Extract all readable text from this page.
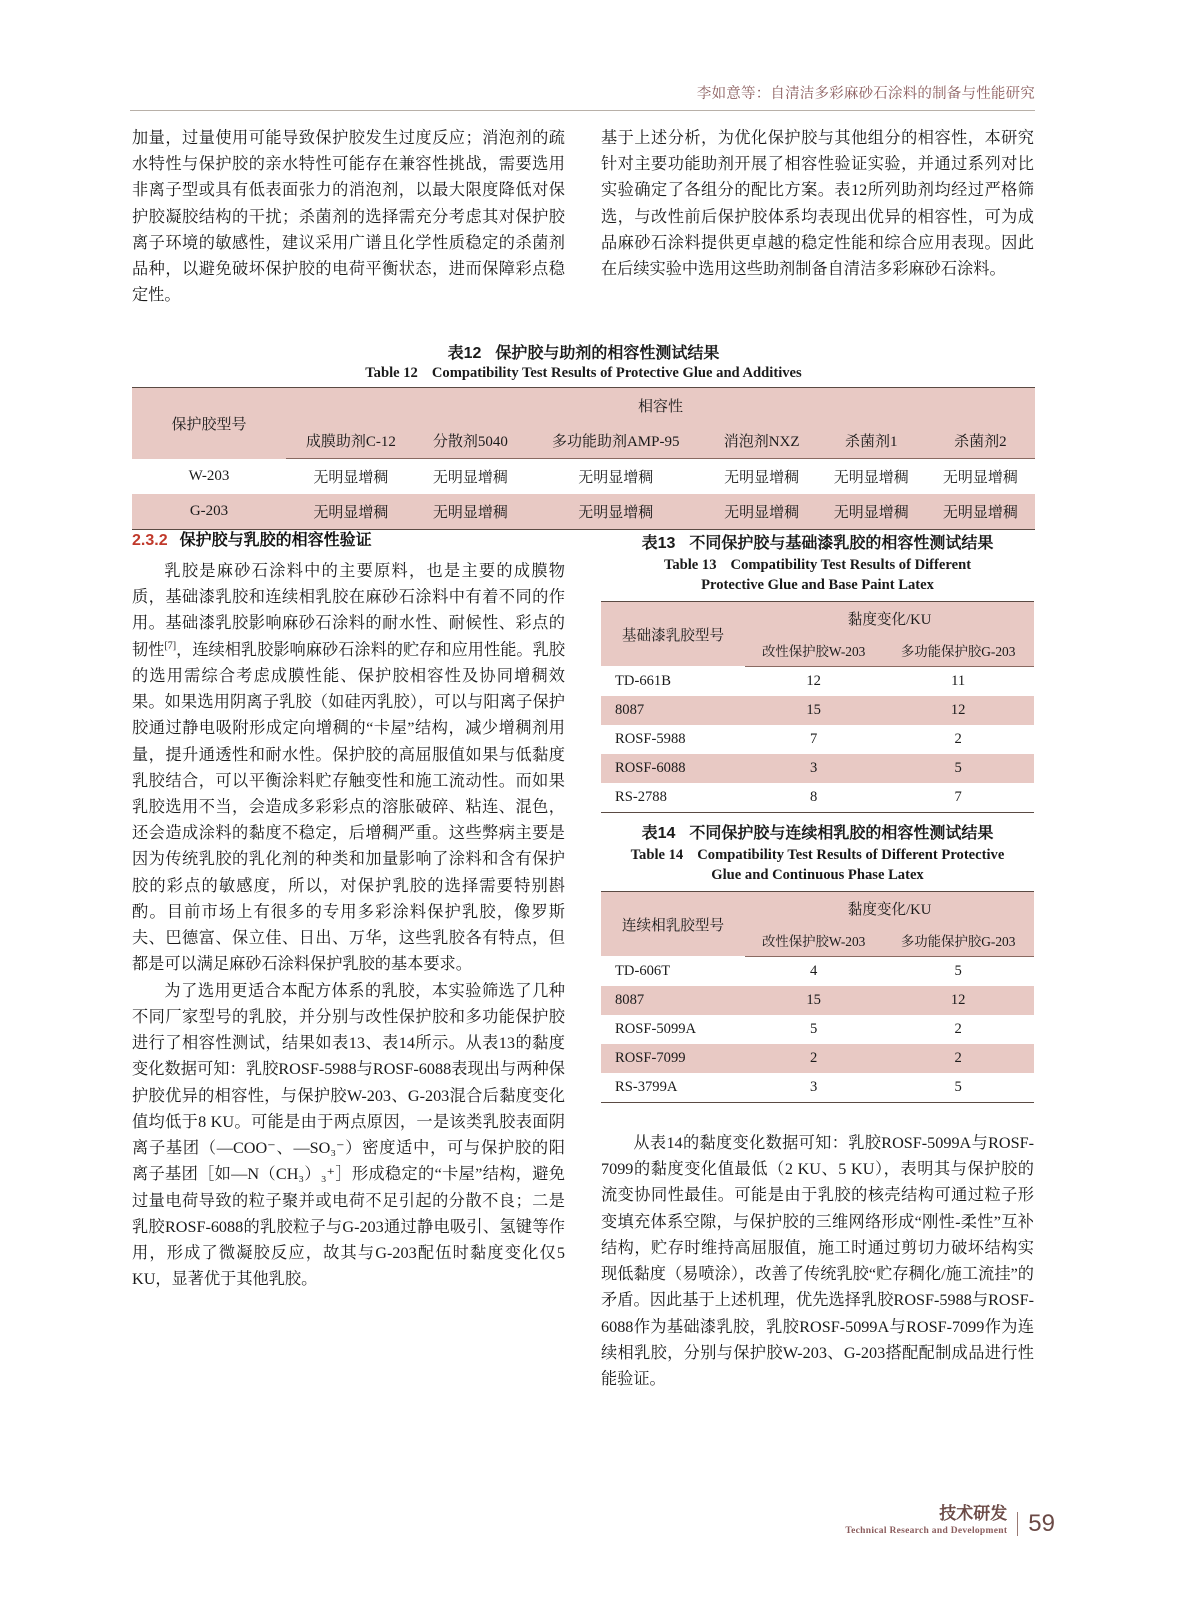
李如意等：自清洁多彩麻砂石涂料的制备与性能研究

加量，过量使用可能导致保护胶发生过度反应；消泡剂的疏水特性与保护胶的亲水特性可能存在兼容性挑战，需要选用非离子型或具有低表面张力的消泡剂，以最大限度降低对保护胶凝胶结构的干扰；杀菌剂的选择需充分考虑其对保护胶离子环境的敏感性，建议采用广谱且化学性质稳定的杀菌剂品种，以避免破坏保护胶的电荷平衡状态，进而保障彩点稳定性。

基于上述分析，为优化保护胶与其他组分的相容性，本研究针对主要功能助剂开展了相容性验证实验，并通过系列对比实验确定了各组分的配比方案。表12所列助剂均经过严格筛选，与改性前后保护胶体系均表现出优异的相容性，可为成品麻砂石涂料提供更卓越的稳定性能和综合应用表现。因此在后续实验中选用这些助剂制备自清洁多彩麻砂石涂料。

表12 保护胶与助剂的相容性测试结果
Table 12 Compatibility Test Results of Protective Glue and Additives
保护胶型号	相容性					
	成膜助剂C-12	分散剂5040	多功能助剂AMP-95	消泡剂NXZ	杀菌剂1	杀菌剂2
W-203	无明显增稠	无明显增稠	无明显增稠	无明显增稠	无明显增稠	无明显增稠
G-203	无明显增稠	无明显增稠	无明显增稠	无明显增稠	无明显增稠	无明显增稠
2.3.2 保护胶与乳胶的相容性验证

乳胶是麻砂石涂料中的主要原料，也是主要的成膜物质，基础漆乳胶和连续相乳胶在麻砂石涂料中有着不同的作用。基础漆乳胶影响麻砂石涂料的耐水性、耐候性、彩点的韧性[7]，连续相乳胶影响麻砂石涂料的贮存和应用性能。乳胶的选用需综合考虑成膜性能、保护胶相容性及协同增稠效果。如果选用阴离子乳胶（如硅丙乳胶），可以与阳离子保护胶通过静电吸附形成定向增稠的“卡屋”结构，减少增稠剂用量，提升通透性和耐水性。保护胶的高屈服值如果与低黏度乳胶结合，可以平衡涂料贮存触变性和施工流动性。而如果乳胶选用不当，会造成多彩彩点的溶胀破碎、粘连、混色，还会造成涂料的黏度不稳定，后增稠严重。这些弊病主要是因为传统乳胶的乳化剂的种类和加量影响了涂料和含有保护胶的彩点的敏感度，所以，对保护乳胶的选择需要特别斟酌。目前市场上有很多的专用多彩涂料保护乳胶，像罗斯夫、巴德富、保立佳、日出、万华，这些乳胶各有特点，但都是可以满足麻砂石涂料保护乳胶的基本要求。

为了选用更适合本配方体系的乳胶，本实验筛选了几种不同厂家型号的乳胶，并分别与改性保护胶和多功能保护胶进行了相容性测试，结果如表13、表14所示。从表13的黏度变化数据可知：乳胶ROSF-5988与ROSF-6088表现出与两种保护胶优异的相容性，与保护胶W-203、G-203混合后黏度变化值均低于8 KU。可能是由于两点原因，一是该类乳胶表面阴离子基团（—COO⁻、—SO₃⁻）密度适中，可与保护胶的阳离子基团［如—N（CH₃）₃⁺］形成稳定的“卡屋”结构，避免过量电荷导致的粒子聚并或电荷不足引起的分散不良；二是乳胶ROSF-6088的乳胶粒子与G-203通过静电吸引、氢键等作用，形成了微凝胶反应，故其与G-203配伍时黏度变化仅5 KU，显著优于其他乳胶。

表13 不同保护胶与基础漆乳胶的相容性测试结果
Table 13 Compatibility Test Results of Different
Protective Glue and Base Paint Latex
基础漆乳胶型号	黏度变化/KU	
	改性保护胶W-203	多功能保护胶G-203
TD-661B	12	11
8087	15	12
ROSF-5988	7	2
ROSF-6088	3	5
RS-2788	8	7
表14 不同保护胶与连续相乳胶的相容性测试结果
Table 14 Compatibility Test Results of Different Protective
Glue and Continuous Phase Latex
连续相乳胶型号	黏度变化/KU	
	改性保护胶W-203	多功能保护胶G-203
TD-606T	4	5
8087	15	12
ROSF-5099A	5	2
ROSF-7099	2	2
RS-3799A	3	5

从表14的黏度变化数据可知：乳胶ROSF-5099A与ROSF-7099的黏度变化值最低（2 KU、5 KU），表明其与保护胶的流变协同性最佳。可能是由于乳胶的核壳结构可通过粒子形变填充体系空隙，与保护胶的三维网络形成“刚性-柔性”互补结构，贮存时维持高屈服值，施工时通过剪切力破坏结构实现低黏度（易喷涂），改善了传统乳胶“贮存稠化/施工流挂”的矛盾。因此基于上述机理，优先选择乳胶ROSF-5988与ROSF-6088作为基础漆乳胶，乳胶ROSF-5099A与ROSF-7099作为连续相乳胶，分别与保护胶W-203、G-203搭配配制成品进行性能验证。

技术研发
Technical Research and Development 59
